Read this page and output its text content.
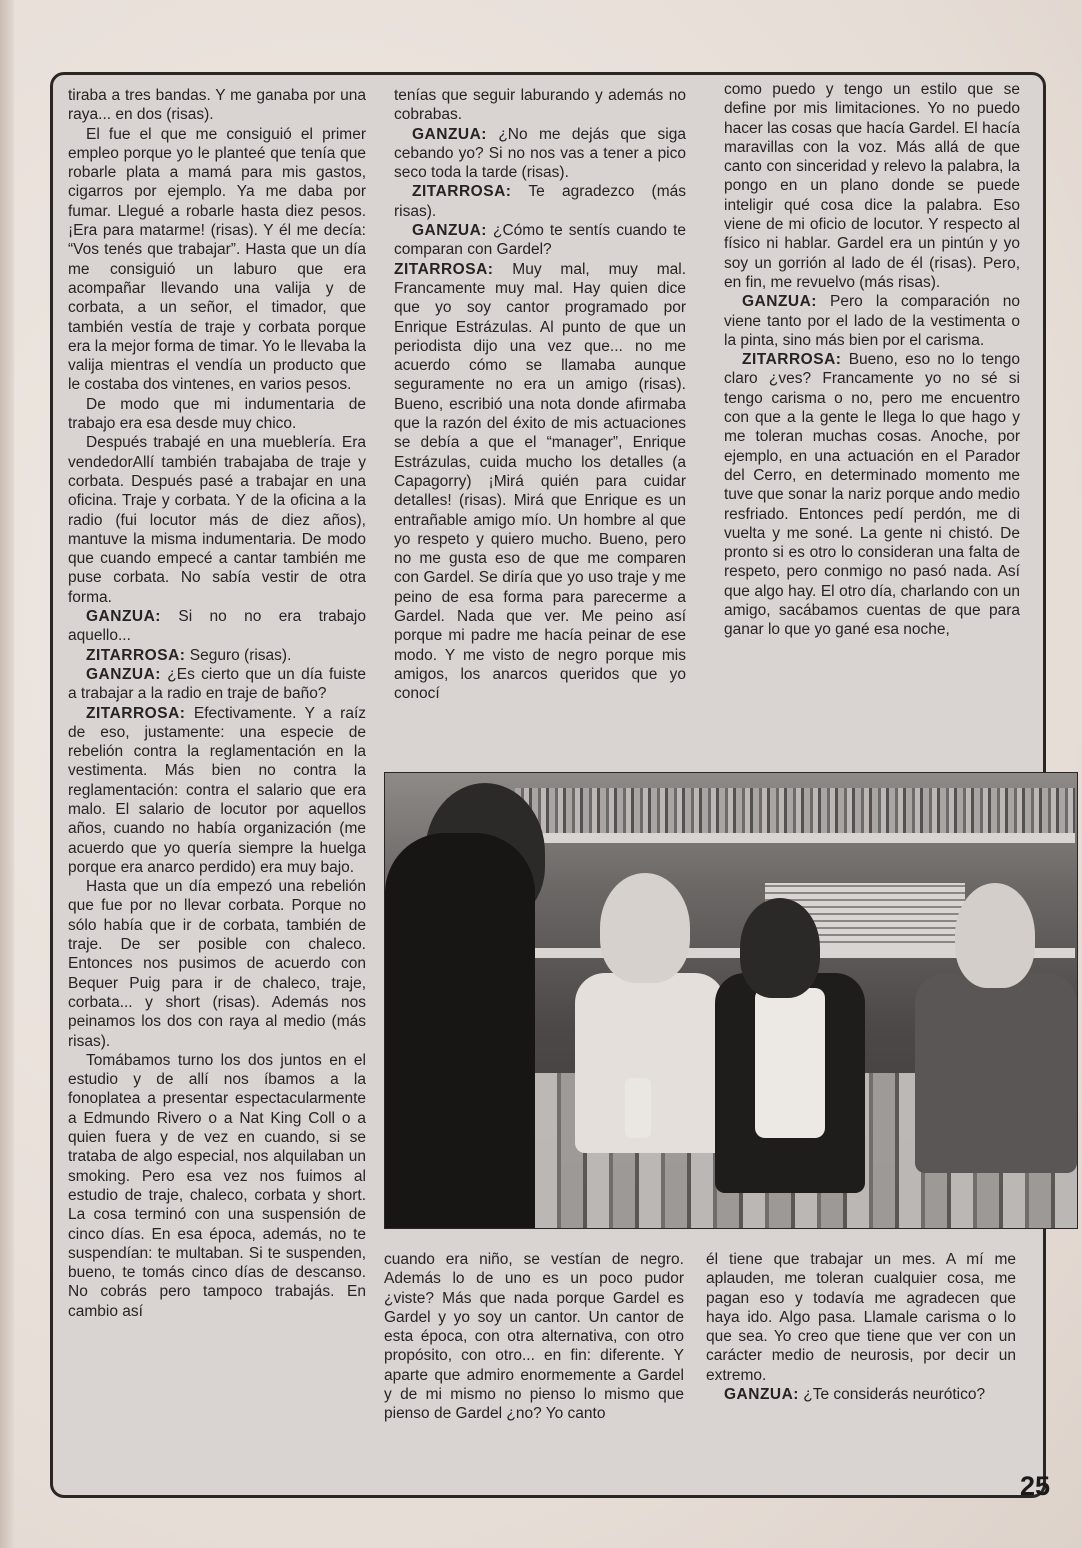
tiraba a tres bandas. Y me ganaba por una raya... en dos (risas).

El fue el que me consiguió el primer empleo porque yo le planteé que tenía que robarle plata a mamá para mis gastos, cigarros por ejemplo. Ya me daba por fumar. Llegué a robarle hasta diez pesos. ¡Era para matarme! (risas). Y él me decía: “Vos tenés que trabajar”. Hasta que un día me consiguió un laburo que era acompañar llevando una valija y de corbata, a un señor, el timador, que también vestía de traje y corbata porque era la mejor forma de timar. Yo le llevaba la valija mientras el vendía un producto que le costaba dos vintenes, en varios pesos.

De modo que mi indumentaria de trabajo era esa desde muy chico.

Después trabajé en una mueblería. Era vendedorAllí también trabajaba de traje y corbata. Después pasé a trabajar en una oficina. Traje y corbata. Y de la oficina a la radio (fui locutor más de diez años), mantuve la misma indumentaria. De modo que cuando empecé a cantar también me puse corbata. No sabía vestir de otra forma.

GANZUA: Si no no era trabajo aquello...

ZITARROSA: Seguro (risas).

GANZUA: ¿Es cierto que un día fuiste a trabajar a la radio en traje de baño?

ZITARROSA: Efectivamente. Y a raíz de eso, justamente: una especie de rebelión contra la reglamentación en la vestimenta. Más bien no contra la reglamentación: contra el salario que era malo. El salario de locutor por aquellos años, cuando no había organización (me acuerdo que yo quería siempre la huelga porque era anarco perdido) era muy bajo.

Hasta que un día empezó una rebelión que fue por no llevar corbata. Porque no sólo había que ir de corbata, también de traje. De ser posible con chaleco. Entonces nos pusimos de acuerdo con Bequer Puig para ir de chaleco, traje, corbata... y short (risas). Además nos peinamos los dos con raya al medio (más risas).

Tomábamos turno los dos juntos en el estudio y de allí nos íbamos a la fonoplatea a presentar espectacularmente a Edmundo Rivero o a Nat King Coll o a quien fuera y de vez en cuando, si se trataba de algo especial, nos alquilaban un smoking. Pero esa vez nos fuimos al estudio de traje, chaleco, corbata y short. La cosa terminó con una suspensión de cinco días. En esa época, además, no te suspendían: te multaban. Si te suspenden, bueno, te tomás cinco días de descanso. No cobrás pero tampoco trabajás. En cambio así

tenías que seguir laburando y además no cobrabas.

GANZUA: ¿No me dejás que siga cebando yo? Si no nos vas a tener a pico seco toda la tarde (risas).

ZITARROSA: Te agradezco (más risas).

GANZUA: ¿Cómo te sentís cuando te comparan con Gardel?

ZITARROSA: Muy mal, muy mal. Francamente muy mal. Hay quien dice que yo soy cantor programado por Enrique Estrázulas. Al punto de que un periodista dijo una vez que... no me acuerdo cómo se llamaba aunque seguramente no era un amigo (risas). Bueno, escribió una nota donde afirmaba que la razón del éxito de mis actuaciones se debía a que el “manager”, Enrique Estrázulas, cuida mucho los detalles (a Capagorry) ¡Mirá quién para cuidar detalles! (risas). Mirá que Enrique es un entrañable amigo mío. Un hombre al que yo respeto y quiero mucho. Bueno, pero no me gusta eso de que me comparen con Gardel. Se diría que yo uso traje y me peino de esa forma para parecerme a Gardel. Nada que ver. Me peino así porque mi padre me hacía peinar de ese modo. Y me visto de negro porque mis amigos, los anarcos queridos que yo conocí

como puedo y tengo un estilo que se define por mis limitaciones. Yo no puedo hacer las cosas que hacía Gardel. El hacía maravillas con la voz. Más allá de que canto con sinceridad y relevo la palabra, la pongo en un plano donde se puede inteligir qué cosa dice la palabra. Eso viene de mi oficio de locutor. Y respecto al físico ni hablar. Gardel era un pintún y yo soy un gorrión al lado de él (risas). Pero, en fin, me revuelvo (más risas).

GANZUA: Pero la comparación no viene tanto por el lado de la vestimenta o la pinta, sino más bien por el carisma.

ZITARROSA: Bueno, eso no lo tengo claro ¿ves? Francamente yo no sé si tengo carisma o no, pero me encuentro con que a la gente le llega lo que hago y me toleran muchas cosas. Anoche, por ejemplo, en una actuación en el Parador del Cerro, en determinado momento me tuve que sonar la nariz porque ando medio resfriado. Entonces pedí perdón, me di vuelta y me soné. La gente ni chistó. De pronto si es otro lo consideran una falta de respeto, pero conmigo no pasó nada. Así que algo hay. El otro día, charlando con un amigo, sacábamos cuentas de que para ganar lo que yo gané esa noche,

cuando era niño, se vestían de negro. Además lo de uno es un poco pudor ¿viste? Más que nada porque Gardel es Gardel y yo soy un cantor. Un cantor de esta época, con otra alternativa, con otro propósito, con otro... en fin: diferente. Y aparte que admiro enormemente a Gardel y de mi mismo no pienso lo mismo que pienso de Gardel ¿no? Yo canto

él tiene que trabajar un mes. A mí me aplauden, me toleran cualquier cosa, me pagan eso y todavía me agradecen que haya ido. Algo pasa. Llamale carisma o lo que sea. Yo creo que tiene que ver con un carácter medio de neurosis, por decir un extremo.

GANZUA: ¿Te considerás neurótico?

25
